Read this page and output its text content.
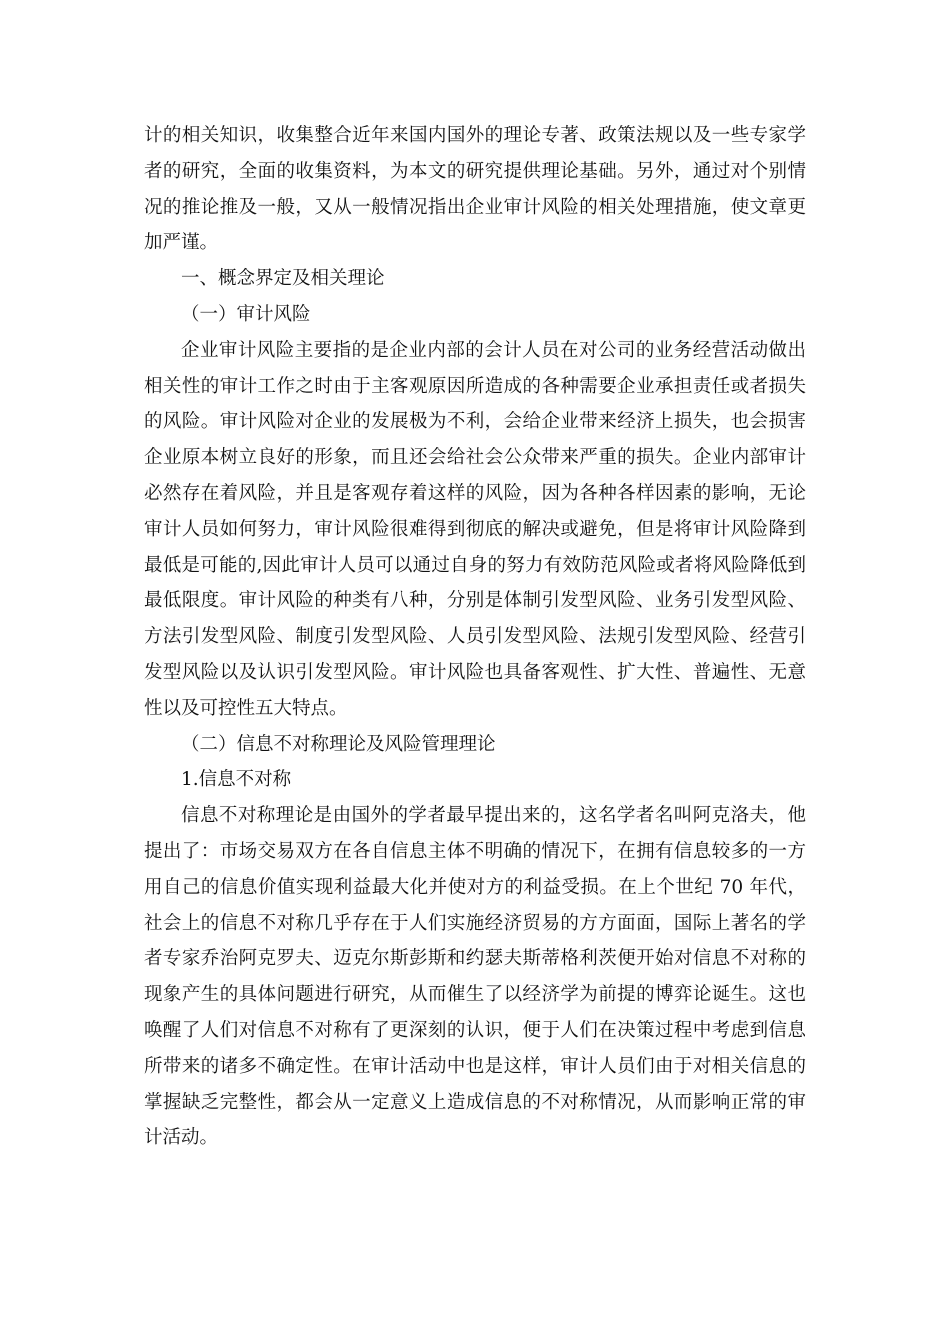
计的相关知识，收集整合近年来国内国外的理论专著、政策法规以及一些专家学者的研究，全面的收集资料，为本文的研究提供理论基础。另外，通过对个别情况的推论推及一般，又从一般情况指出企业审计风险的相关处理措施，使文章更加严谨。

一、概念界定及相关理论

（一）审计风险

企业审计风险主要指的是企业内部的会计人员在对公司的业务经营活动做出相关性的审计工作之时由于主客观原因所造成的各种需要企业承担责任或者损失的风险。审计风险对企业的发展极为不利，会给企业带来经济上损失，也会损害企业原本树立良好的形象，而且还会给社会公众带来严重的损失。企业内部审计必然存在着风险，并且是客观存着这样的风险，因为各种各样因素的影响，无论审计人员如何努力，审计风险很难得到彻底的解决或避免，但是将审计风险降到最低是可能的,因此审计人员可以通过自身的努力有效防范风险或者将风险降低到最低限度。审计风险的种类有八种，分别是体制引发型风险、业务引发型风险、方法引发型风险、制度引发型风险、人员引发型风险、法规引发型风险、经营引发型风险以及认识引发型风险。审计风险也具备客观性、扩大性、普遍性、无意性以及可控性五大特点。

（二）信息不对称理论及风险管理理论

1.信息不对称

信息不对称理论是由国外的学者最早提出来的，这名学者名叫阿克洛夫，他提出了：市场交易双方在各自信息主体不明确的情况下，在拥有信息较多的一方用自己的信息价值实现利益最大化并使对方的利益受损。在上个世纪 70 年代，社会上的信息不对称几乎存在于人们实施经济贸易的方方面面，国际上著名的学者专家乔治阿克罗夫、迈克尔斯彭斯和约瑟夫斯蒂格利茨便开始对信息不对称的现象产生的具体问题进行研究，从而催生了以经济学为前提的博弈论诞生。这也唤醒了人们对信息不对称有了更深刻的认识，便于人们在决策过程中考虑到信息所带来的诸多不确定性。在审计活动中也是这样，审计人员们由于对相关信息的掌握缺乏完整性，都会从一定意义上造成信息的不对称情况，从而影响正常的审计活动。
